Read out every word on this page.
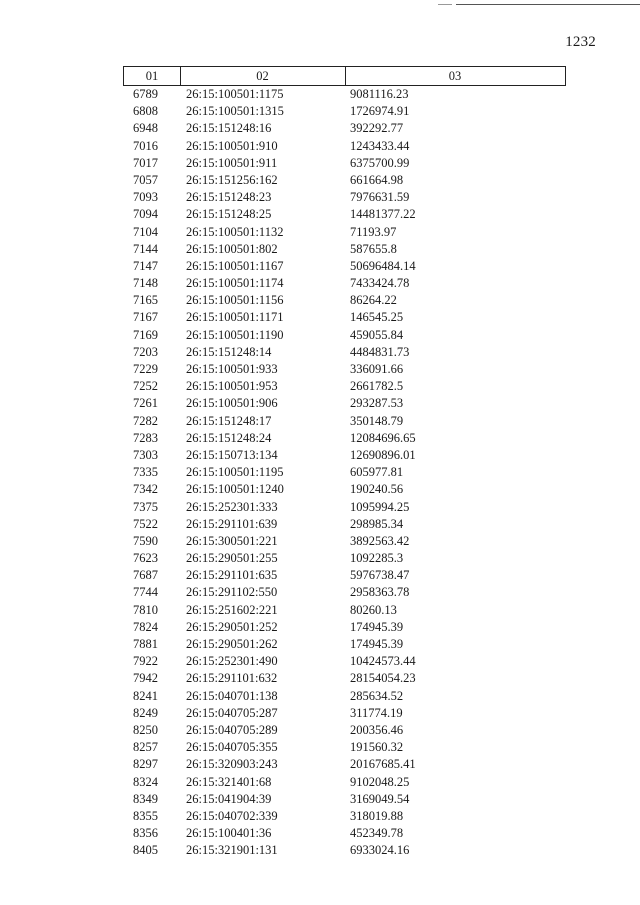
1232
01	02	03
6789 26:15:100501:1175	9081116.23
6808 26:15:100501:1315	1726974.91
6948 26:15:151248:16	392292.77
7016 26:15:100501:910	1243433.44
7017 26:15:100501:911	6375700.99
7057 26:15:151256:162	661664.98
7093 26:15:151248:23	7976631.59
7094 26:15:151248:25	14481377.22
7104 26:15:100501:1132	71193.97
7144 26:15:100501:802	587655.8
7147 26:15:100501:1167	50696484.14
7148 26:15:100501:1174	7433424.78
7165 26:15:100501:1156	86264.22
7167 26:15:100501:1171	146545.25
7169 26:15:100501:1190	459055.84
7203 26:15:151248:14	4484831.73
7229 26:15:100501:933	336091.66
7252 26:15:100501:953	2661782.5
7261 26:15:100501:906	293287.53
7282 26:15:151248:17	350148.79
7283 26:15:151248:24	12084696.65
7303 26:15:150713:134	12690896.01
7335 26:15:100501:1195	605977.81
7342 26:15:100501:1240	190240.56
7375 26:15:252301:333	1095994.25
7522 26:15:291101:639	298985.34
7590 26:15:300501:221	3892563.42
7623 26:15:290501:255	1092285.3
7687 26:15:291101:635	5976738.47
7744 26:15:291102:550	2958363.78
7810 26:15:251602:221	80260.13
7824 26:15:290501:252	174945.39
7881 26:15:290501:262	174945.39
7922 26:15:252301:490	10424573.44
7942 26:15:291101:632	28154054.23
8241 26:15:040701:138	285634.52
8249 26:15:040705:287	311774.19
8250 26:15:040705:289	200356.46
8257 26:15:040705:355	191560.32
8297 26:15:320903:243	20167685.41
8324 26:15:321401:68	9102048.25
8349 26:15:041904:39	3169049.54
8355 26:15:040702:339	318019.88
8356 26:15:100401:36	452349.78
8405 26:15:321901:131	6933024.16
